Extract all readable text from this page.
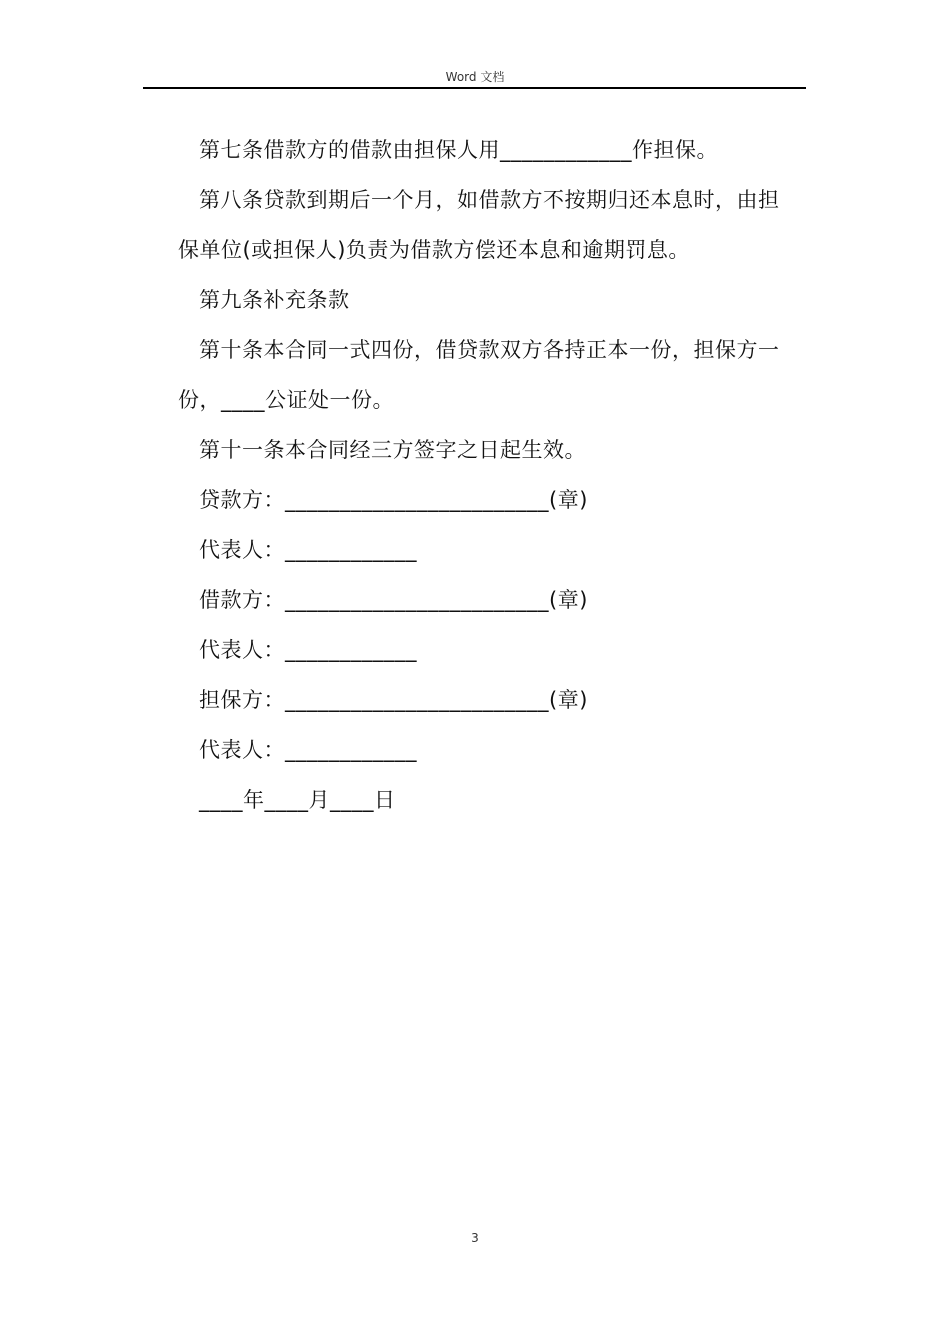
Word 文档
第七条借款方的借款由担保人用____________作担保。
第八条贷款到期后一个月，如借款方不按期归还本息时，由担
保单位(或担保人)负责为借款方偿还本息和逾期罚息。
第九条补充条款
第十条本合同一式四份，借贷款双方各持正本一份，担保方一
份，____公证处一份。
第十一条本合同经三方签字之日起生效。
贷款方：________________________(章)
代表人：____________
借款方：________________________(章)
代表人：____________
担保方：________________________(章)
代表人：____________
____年____月____日
3
